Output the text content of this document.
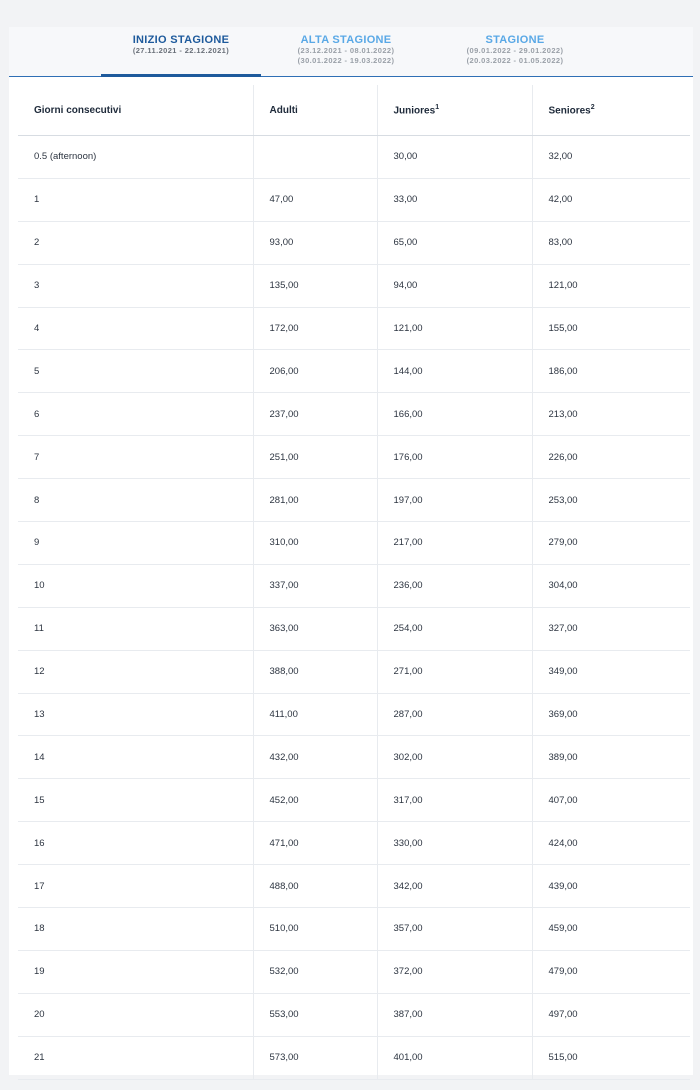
INIZIO STAGIONE
(27.11.2021 - 22.12.2021)
ALTA STAGIONE
(23.12.2021 - 08.01.2022)
(30.01.2022 - 19.03.2022)
STAGIONE
(09.01.2022 - 29.01.2022)
(20.03.2022 - 01.05.2022)
Giorni consecutivi	Adulti	Juniores$^1$	Seniores$^2$

0.5 (afternoon)		30,00	32,00

1	47,00	33,00	42,00

2	93,00	65,00	83,00

3	135,00	94,00	121,00

4	172,00	121,00	155,00

5	206,00	144,00	186,00

6	237,00	166,00	213,00

7	251,00	176,00	226,00

8	281,00	197,00	253,00

9	310,00	217,00	279,00

10	337,00	236,00	304,00

11	363,00	254,00	327,00

12	388,00	271,00	349,00

13	411,00	287,00	369,00

14	432,00	302,00	389,00

15	452,00	317,00	407,00

16	471,00	330,00	424,00

17	488,00	342,00	439,00

18	510,00	357,00	459,00

19	532,00	372,00	479,00

20	553,00	387,00	497,00

21	573,00	401,00	515,00
